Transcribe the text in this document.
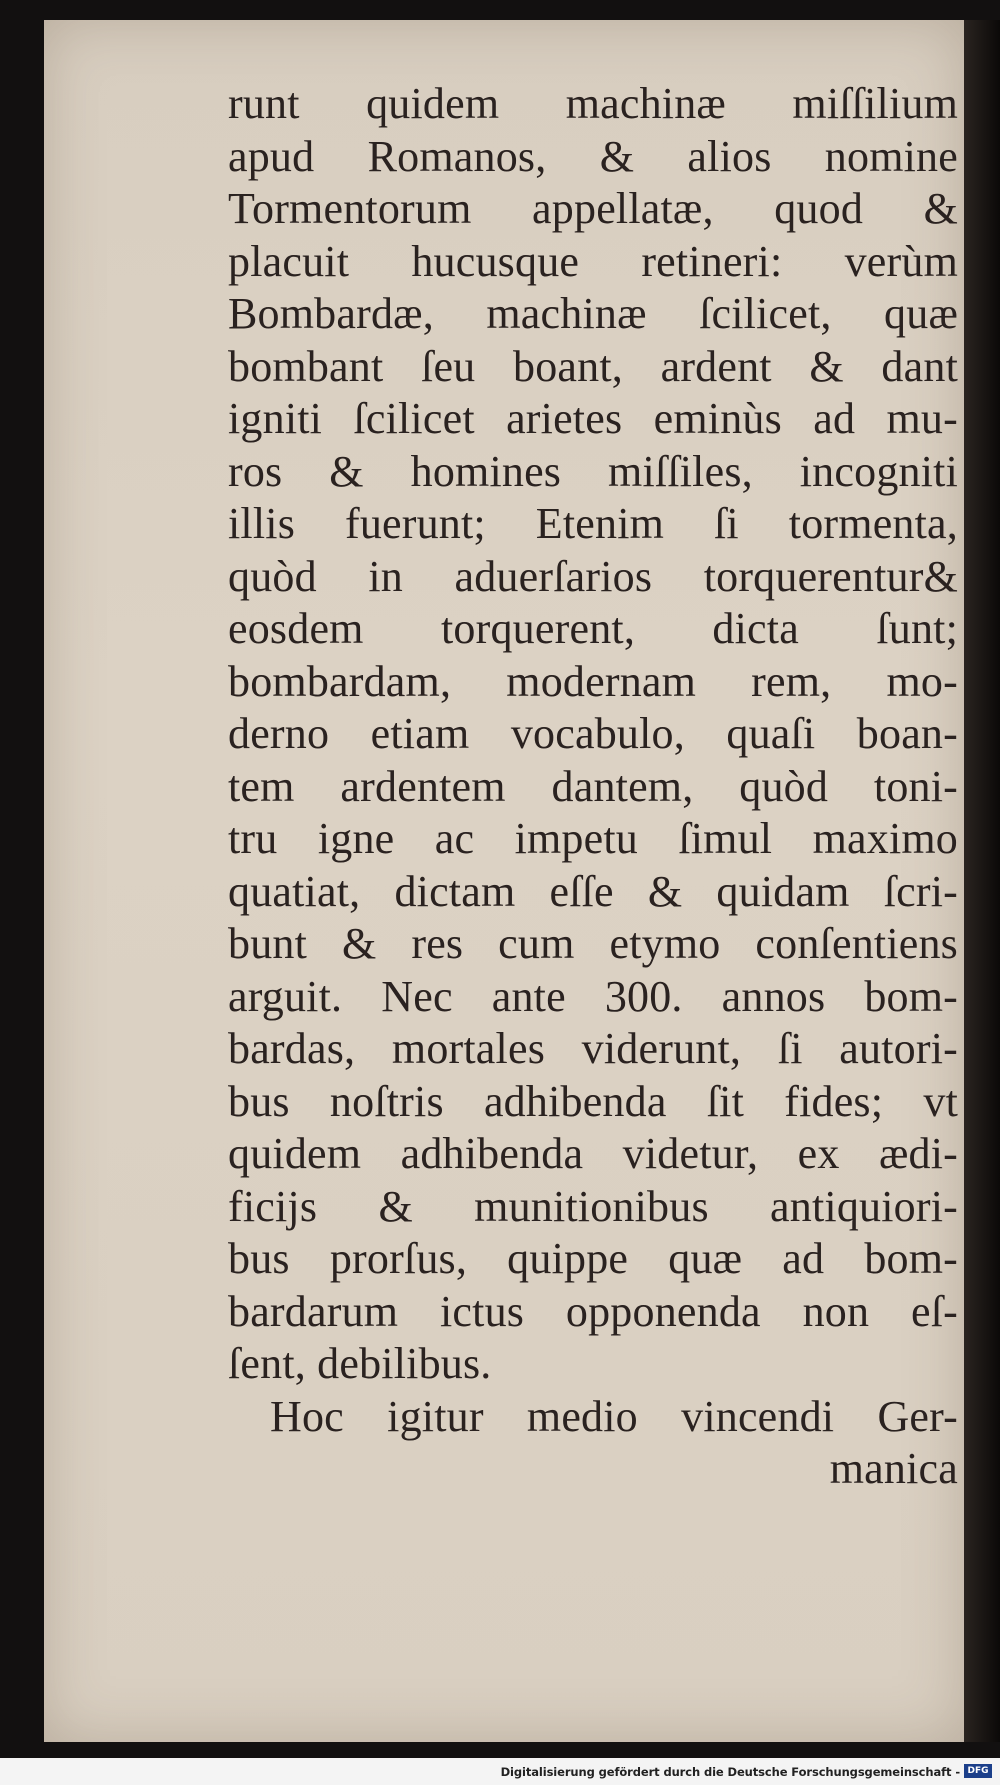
runt quidem machinæ miſſilium
apud Romanos, & alios nomine
Tormentorum appellatæ, quod &
placuit hucusque retineri: verùm
Bombardæ, machinæ ſcilicet, quæ
bombant ſeu boant, ardent & dant
igniti ſcilicet arietes eminùs ad mu-
ros & homines miſſiles, incogniti
illis fuerunt; Etenim ſi tormenta,
quòd in aduerſarios torquerentur&
eosdem torquerent, dicta ſunt;
bombardam, modernam rem, mo-
derno etiam vocabulo, quaſi boan-
tem ardentem dantem, quòd toni-
tru igne ac impetu ſimul maximo
quatiat, dictam eſſe & quidam ſcri-
bunt & res cum etymo conſentiens
arguit. Nec ante 300. annos bom-
bardas, mortales viderunt, ſi autori-
bus noſtris adhibenda ſit fides; vt
quidem adhibenda videtur, ex ædi-
ficijs & munitionibus antiquiori-
bus prorſus, quippe quæ ad bom-
bardarum ictus opponenda non eſ-
ſent, debilibus.
Hoc igitur medio vincendi Ger-
manica
Digitalisierung gefördert durch die Deutsche Forschungsgemeinschaft - DFG
